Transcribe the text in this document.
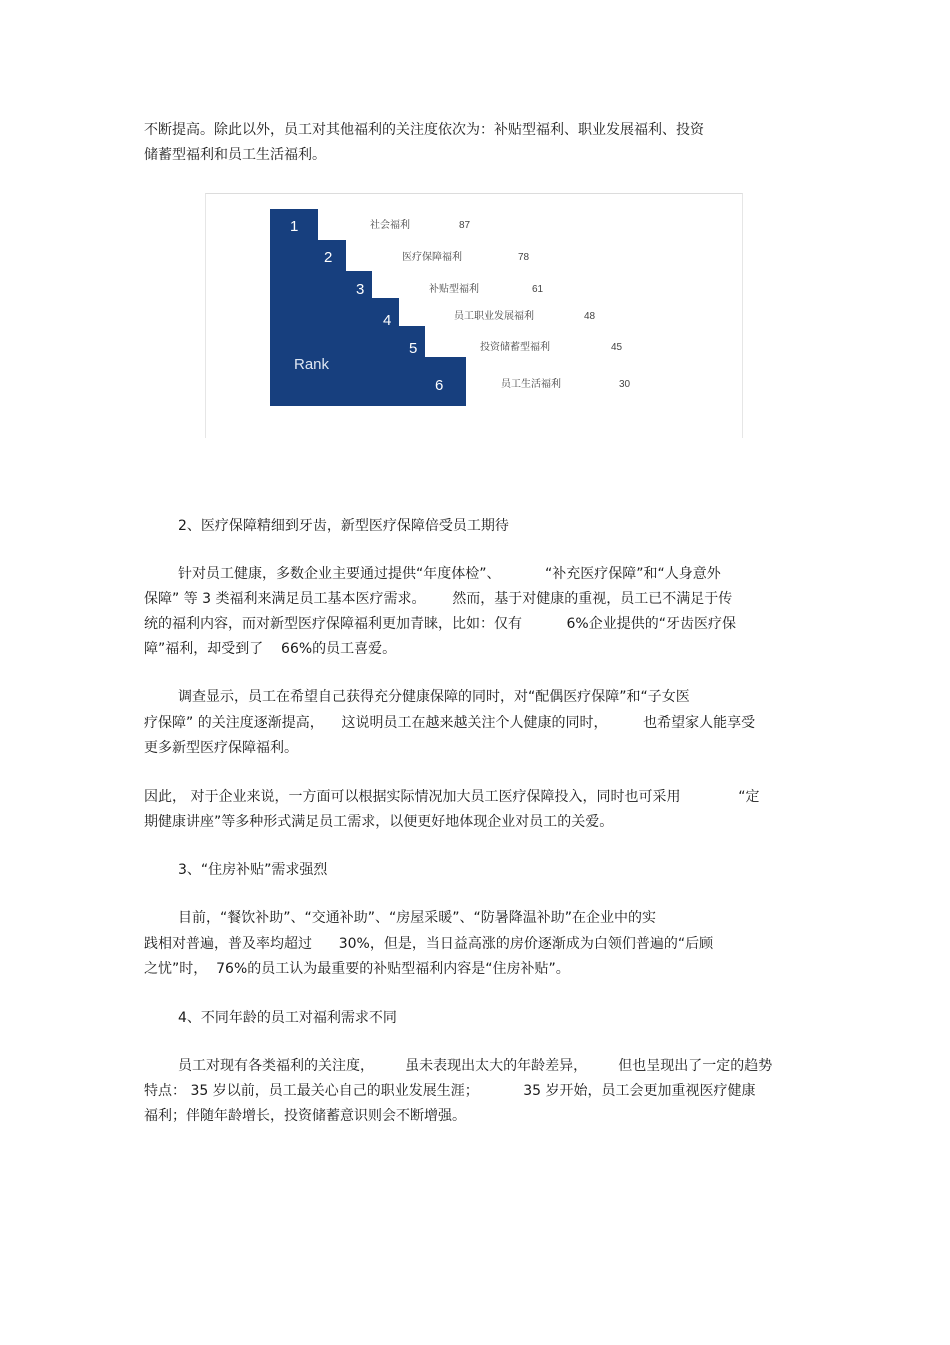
不断提高。除此以外，员工对其他福利的关注度依次为：补贴型福利、职业发展福利、投资
储蓄型福利和员工生活福利。
Rank
1	社会福利	87
2	医疗保障福利	78
3	补贴型福利	61
4	员工职业发展福利	48
5	投资储蓄型福利	45
6	员工生活福利	30
2、医疗保障精细到牙齿，新型医疗保障倍受员工期待
针对员工健康，多数企业主要通过提供“年度体检”、          “补充医疗保障”和“人身意外
保障” 等 3 类福利来满足员工基本医疗需求。      然而，基于对健康的重视，员工已不满足于传
统的福利内容，而对新型医疗保障福利更加青睐，比如：仅有          6%企业提供的“牙齿医疗保
障”福利，却受到了    66%的员工喜爱。
调查显示，员工在希望自己获得充分健康保障的同时，对“配偶医疗保障”和“子女医
疗保障” 的关注度逐渐提高，    这说明员工在越来越关注个人健康的同时，        也希望家人能享受
更多新型医疗保障福利。
因此， 对于企业来说，一方面可以根据实际情况加大员工医疗保障投入，同时也可采用             “定
期健康讲座”等多种形式满足员工需求，以便更好地体现企业对员工的关爱。
3、“住房补贴”需求强烈
目前，“餐饮补助”、“交通补助”、“房屋采暖”、“防暑降温补助”在企业中的实
践相对普遍，普及率均超过      30%，但是，当日益高涨的房价逐渐成为白领们普遍的“后顾
之忧”时，  76%的员工认为最重要的补贴型福利内容是“住房补贴”。
4、不同年龄的员工对福利需求不同
员工对现有各类福利的关注度，       虽未表现出太大的年龄差异，       但也呈现出了一定的趋势
特点： 35 岁以前，员工最关心自己的职业发展生涯；          35 岁开始，员工会更加重视医疗健康
福利；伴随年龄增长，投资储蓄意识则会不断增强。
